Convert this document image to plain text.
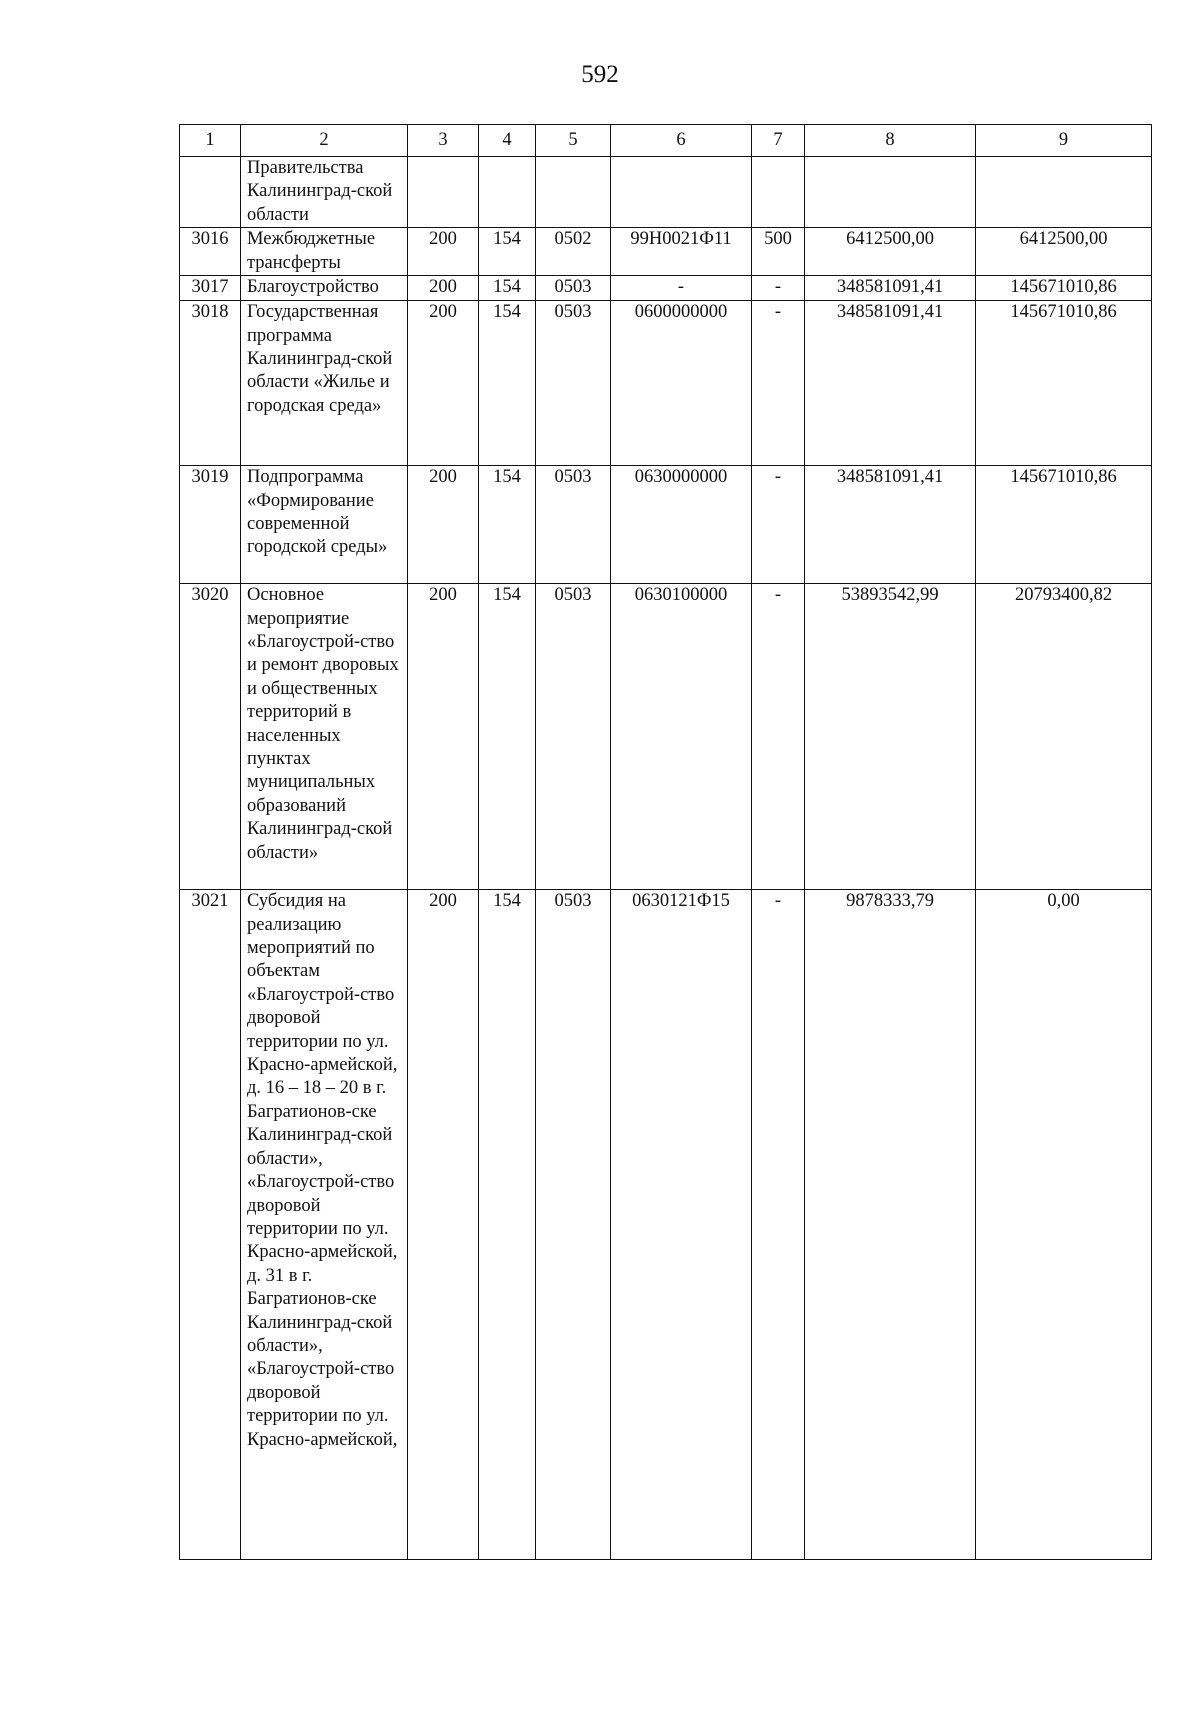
592
1	2	3	4	5	6	7	8	9
	Правительства Калининград-ской области							
3016	Межбюджетные трансферты	200	154	0502	99Н0021Ф11	500	6412500,00	6412500,00
3017	Благоустройство	200	154	0503	-	-	348581091,41	145671010,86
3018	Государственная программа Калининград-ской области «Жилье и городская среда»	200	154	0503	0600000000	-	348581091,41	145671010,86
3019	Подпрограмма «Формирование современной городской среды»	200	154	0503	0630000000	-	348581091,41	145671010,86
3020	Основное мероприятие «Благоустрой-ство и ремонт дворовых и общественных территорий в населенных пунктах муниципальных образований Калининград-ской области»	200	154	0503	0630100000	-	53893542,99	20793400,82
3021	Субсидия на реализацию мероприятий по объектам «Благоустрой-ство дворовой территории по ул. Красно-армейской, д. 16 – 18 – 20 в г. Багратионов-ске Калининград-ской области», «Благоустрой-ство дворовой территории по ул. Красно-армейской, д. 31 в г. Багратионов-ске Калининград-ской области», «Благоустрой-ство дворовой территории по ул. Красно-армейской,	200	154	0503	0630121Ф15	-	9878333,79	0,00
